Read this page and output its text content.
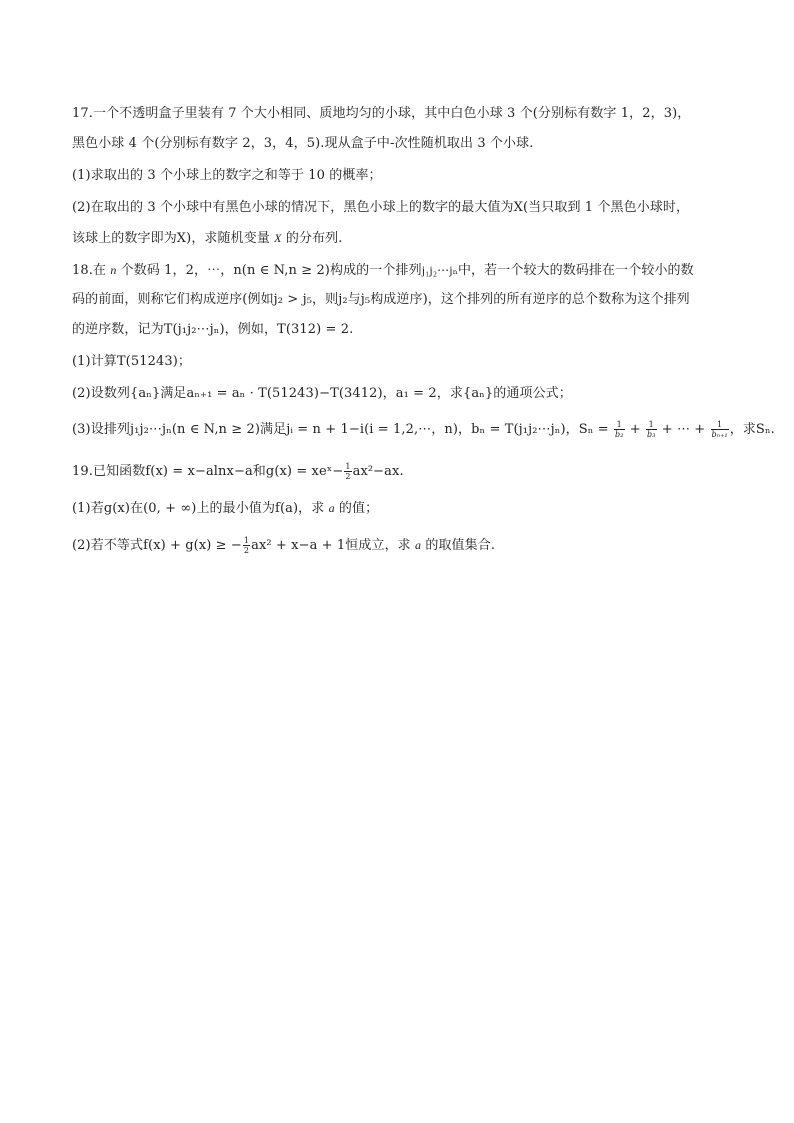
17.一个不透明盒子里装有 7 个大小相同、质地均匀的小球，其中白色小球 3 个(分别标有数字 1，2，3)，
黑色小球 4 个(分别标有数字 2，3，4，5).现从盒子中-次性随机取出 3 个小球.
(1)求取出的 3 个小球上的数字之和等于 10 的概率；
(2)在取出的 3 个小球中有黑色小球的情况下，黑色小球上的数字的最大值为X(当只取到 1 个黑色小球时，
该球上的数字即为X)，求随机变量 X 的分布列.
18.在 n 个数码 1，2，⋯，n(n ∈ N,n ≥ 2)构成的一个排列j₁j₂⋯jₙ中，若一个较大的数码排在一个较小的数
码的前面，则称它们构成逆序(例如j₂ > j₅，则j₂与j₅构成逆序)，这个排列的所有逆序的总个数称为这个排列
的逆序数，记为T(j₁j₂⋯jₙ)，例如，T(312) = 2.
(1)计算T(51243)；
(2)设数列{aₙ}满足aₙ₊₁ = aₙ · T(51243)−T(3412)，a₁ = 2，求{aₙ}的通项公式；
(3)设排列j₁j₂⋯jₙ(n ∈ N,n ≥ 2)满足jᵢ = n + 1−i(i = 1,2,⋯，n)，bₙ = T(j₁j₂⋯jₙ)，$S_n = \frac{1}{\text{b₂}} + \frac{1}{\text{b₃}}$ + ⋯ + $\frac{1}{\text{bₙ₊₁}}$ ，求Sₙ.
19.已知函数f(x) = x−alnx−a和g(x) = xeˣ− $\frac{1}{2} ax^2-ax$.
(1)若g(x)在(0, + ∞)上的最小值为f(a)，求 a 的值；
(2)若不等式f(x) + g(x) ≥ − $\frac{1}{2} ax^2 + x-a + 1$恒成立，求 a 的取值集合.
